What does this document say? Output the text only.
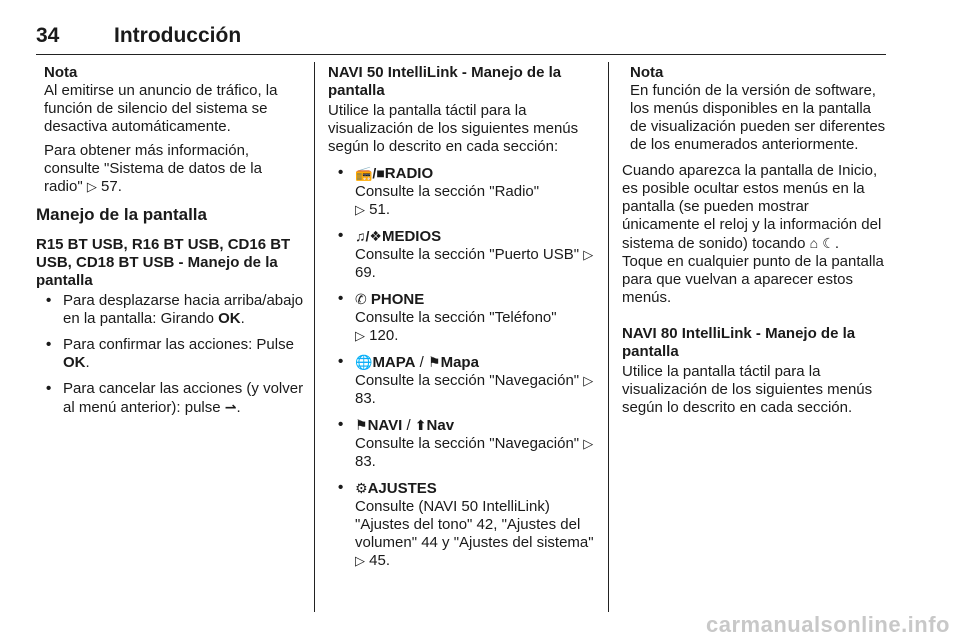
34	Introducción
Nota

Al emitirse un anuncio de tráfico, la función de silencio del sistema se desactiva automáticamente.

Para obtener más información, consulte "Sistema de datos de la radio" ▷ 57.

Manejo de la pantalla
R15 BT USB, R16 BT USB, CD16 BT USB, CD18 BT USB - Manejo de la pantalla
• Para desplazarse hacia arriba/abajo en la pantalla: Girando OK.
• Para confirmar las acciones: Pulse OK.
• Para cancelar las acciones (y volver al menú anterior): pulse ⇀.
NAVI 50 IntelliLink - Manejo de la pantalla

Utilice la pantalla táctil para la visualización de los siguientes menús según lo descrito en cada sección:

• 📻/■RADIO
Consulte la sección "Radio"
▷ 51.
• ♫/❖MEDIOS
Consulte la sección "Puerto USB" ▷ 69.
• ✆ PHONE
Consulte la sección "Teléfono"
▷ 120.
• 🌐MAPA / ⚑Mapa
Consulte la sección "Navegación" ▷ 83.
• ⚑NAVI / ⬆Nav
Consulte la sección "Navegación" ▷ 83.
• ⚙AJUSTES
Consulte (NAVI 50 IntelliLink) "Ajustes del tono" 42, "Ajustes del volumen" 44 y "Ajustes del sistema" ▷ 45.
Nota

En función de la versión de software, los menús disponibles en la pantalla de visualización pueden ser diferentes de los enumerados anteriormente.

Cuando aparezca la pantalla de Inicio, es posible ocultar estos menús en la pantalla (se pueden mostrar únicamente el reloj y la información del sistema de sonido) tocando ⌂ ☾.

Toque en cualquier punto de la pantalla para que vuelvan a aparecer estos menús.

NAVI 80 IntelliLink - Manejo de la pantalla

Utilice la pantalla táctil para la visualización de los siguientes menús según lo descrito en cada sección.

carmanualsonline.info
